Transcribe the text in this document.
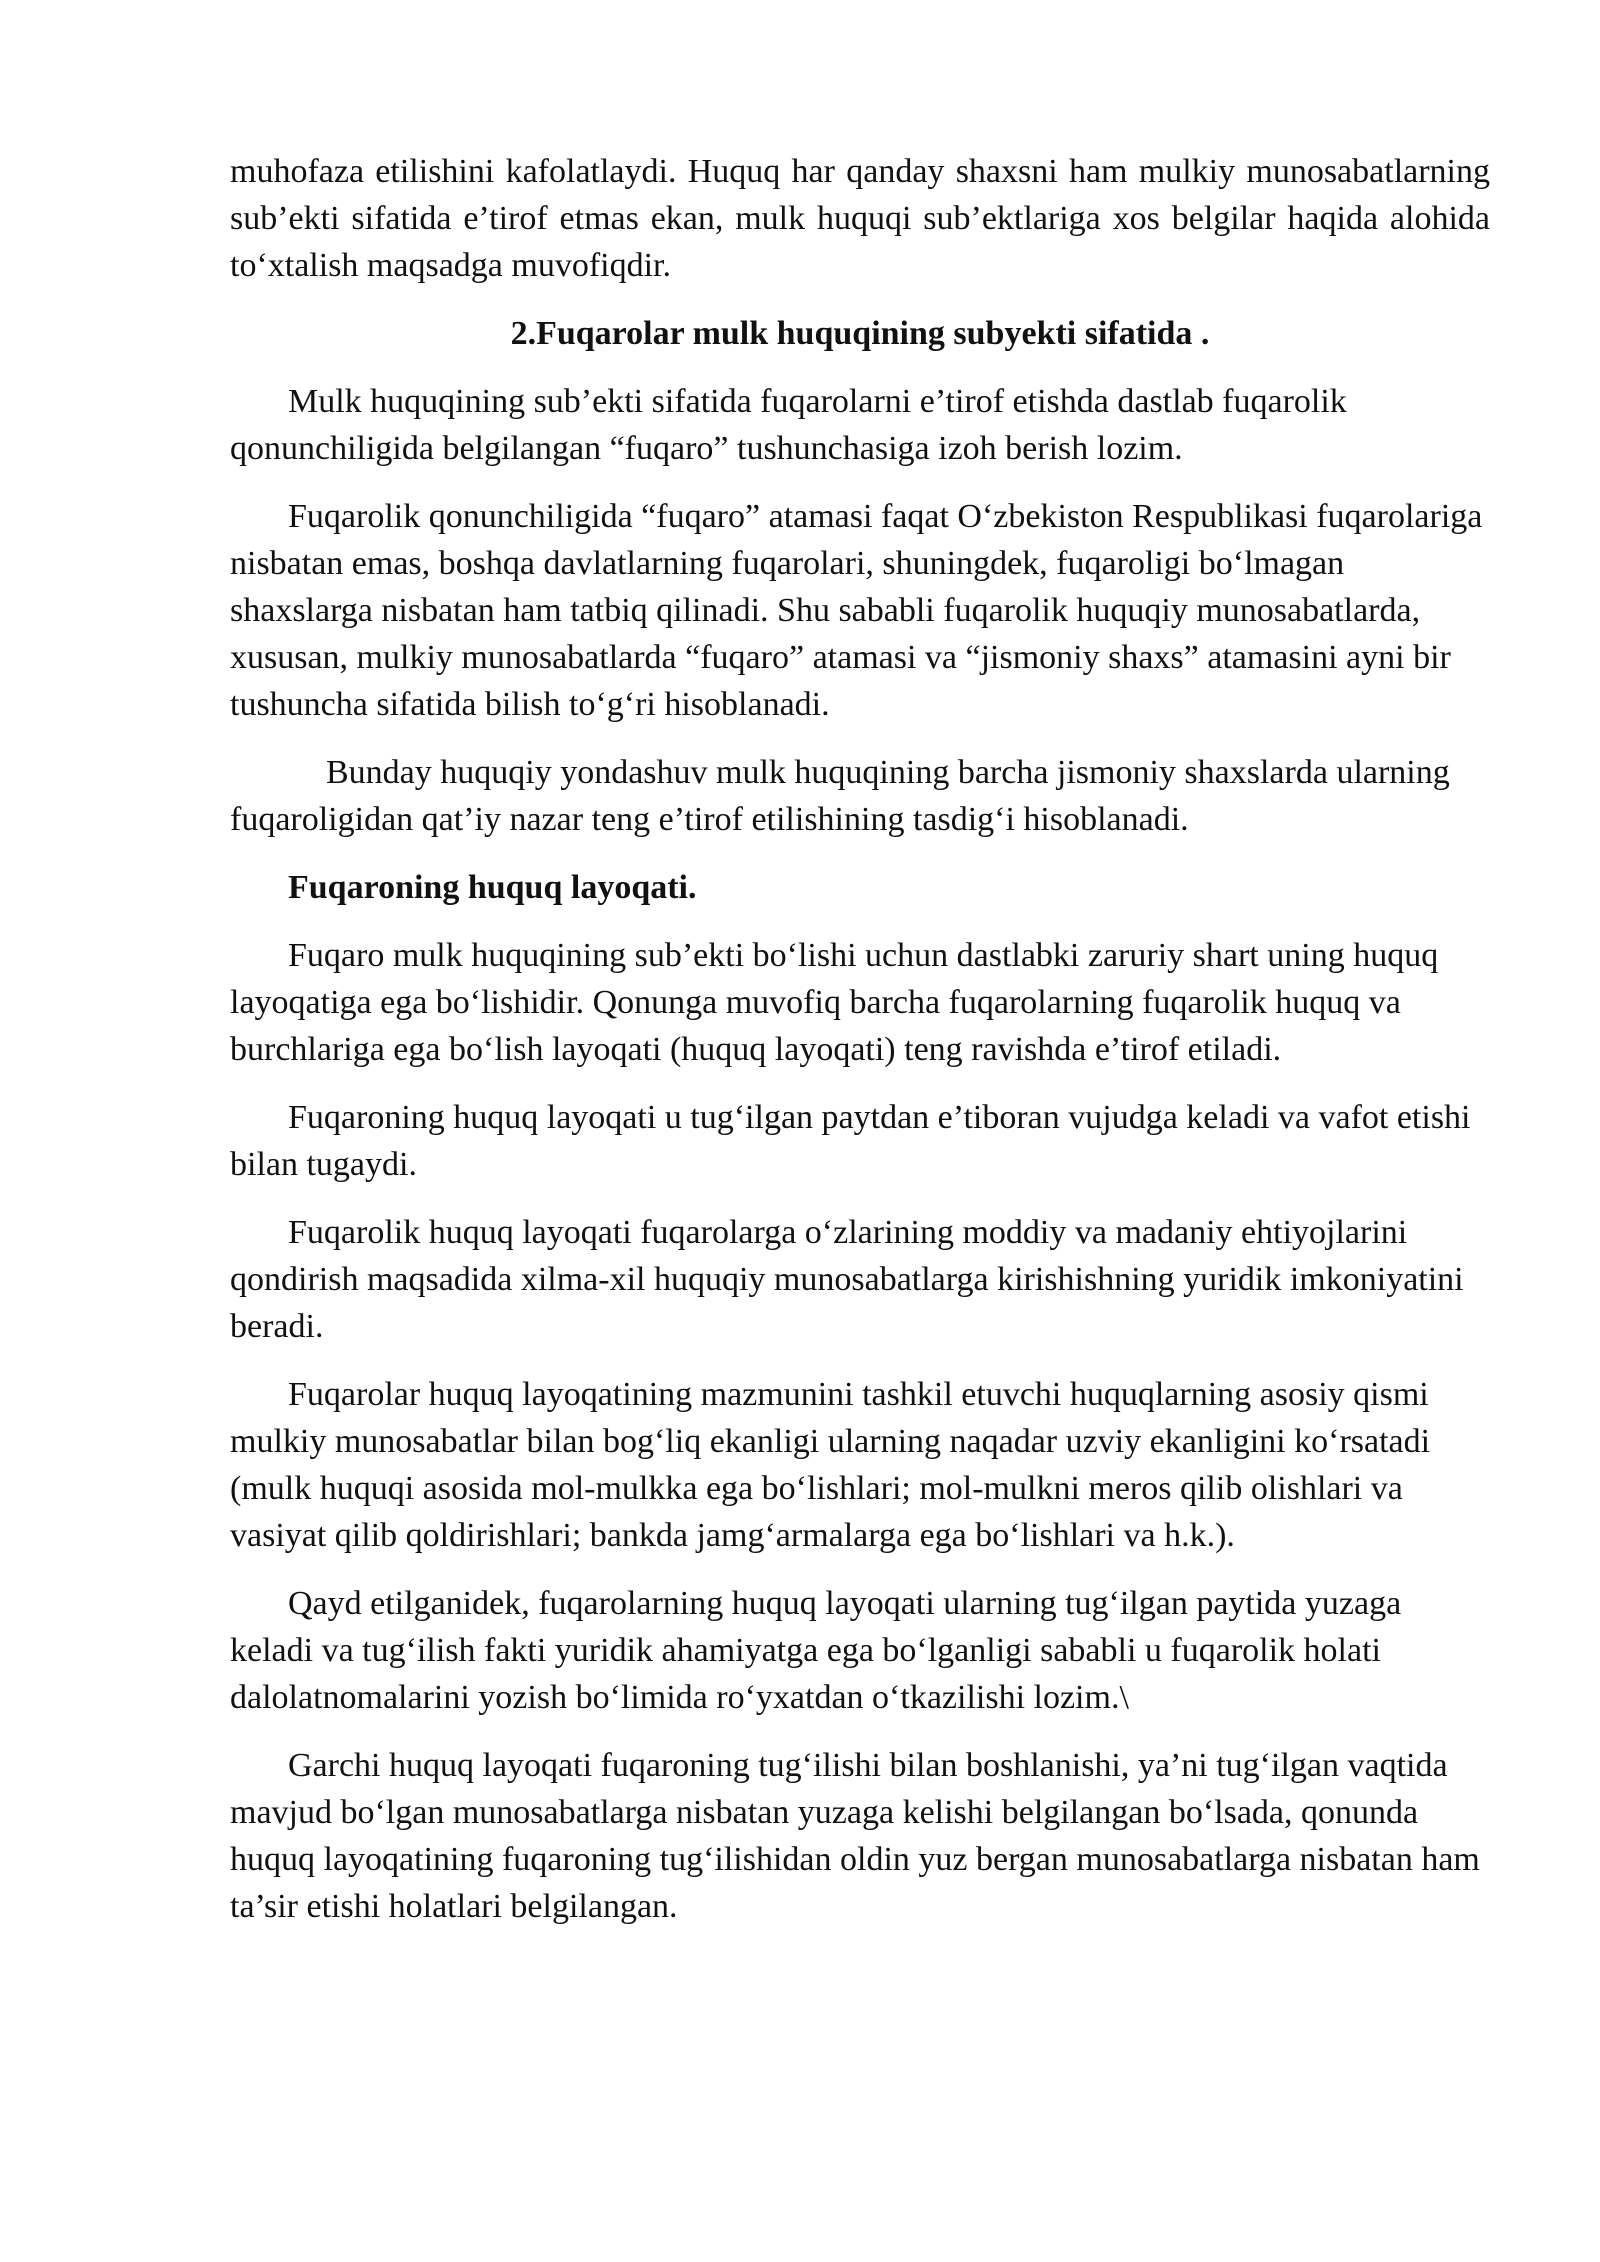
muhofaza etilishini kafolatlaydi. Huquq har qanday shaxsni ham mulkiy munosabatlarning sub’ekti sifatida e’tirof etmas ekan, mulk huquqi sub’ektlariga xos belgilar haqida alohida to‘xtalish maqsadga muvofiqdir.

2.Fuqarolar mulk huquqining subyekti sifatida .

Mulk huquqining sub’ekti sifatida fuqarolarni e’tirof etishda dastlab fuqarolik qonunchiligida belgilangan “fuqaro” tushunchasiga izoh berish lozim.

Fuqarolik qonunchiligida “fuqaro” atamasi faqat O‘zbekiston Respublikasi fuqarolariga nisbatan emas, boshqa davlatlarning fuqarolari, shuningdek, fuqaroligi bo‘lmagan shaxslarga nisbatan ham tatbiq qilinadi. Shu sababli fuqarolik huquqiy munosabatlarda, xususan, mulkiy munosabatlarda “fuqaro” atamasi va “jismoniy shaxs” atamasini ayni bir tushuncha sifatida bilish to‘g‘ri hisoblanadi.

Bunday huquqiy yondashuv mulk huquqining barcha jismoniy shaxslarda ularning fuqaroligidan qat’iy nazar teng e’tirof etilishining tasdig‘i hisoblanadi.

Fuqaroning huquq layoqati.

Fuqaro mulk huquqining sub’ekti bo‘lishi uchun dastlabki zaruriy shart uning huquq layoqatiga ega bo‘lishidir. Qonunga muvofiq barcha fuqarolarning fuqarolik huquq va burchlariga ega bo‘lish layoqati (huquq layoqati) teng ravishda e’tirof etiladi.

Fuqaroning huquq layoqati u tug‘ilgan paytdan e’tiboran vujudga keladi va vafot etishi bilan tugaydi.

Fuqarolik huquq layoqati fuqarolarga o‘zlarining moddiy va madaniy ehtiyojlarini qondirish maqsadida xilma-xil huquqiy munosabatlarga kirishishning yuridik imkoniyatini beradi.

Fuqarolar huquq layoqatining mazmunini tashkil etuvchi huquqlarning asosiy qismi mulkiy munosabatlar bilan bog‘liq ekanligi ularning naqadar uzviy ekanligini ko‘rsatadi (mulk huquqi asosida mol-mulkka ega bo‘lishlari; mol-mulkni meros qilib olishlari va vasiyat qilib qoldirishlari; bankda jamg‘armalarga ega bo‘lishlari va h.k.).

Qayd etilganidek, fuqarolarning huquq layoqati ularning tug‘ilgan paytida yuzaga keladi va tug‘ilish fakti yuridik ahamiyatga ega bo‘lganligi sababli u fuqarolik holati dalolatnomalarini yozish bo‘limida ro‘yxatdan o‘tkazilishi lozim.\

Garchi huquq layoqati fuqaroning tug‘ilishi bilan boshlanishi, ya’ni tug‘ilgan vaqtida mavjud bo‘lgan munosabatlarga nisbatan yuzaga kelishi belgilangan bo‘lsada, qonunda huquq layoqatining fuqaroning tug‘ilishidan oldin yuz bergan munosabatlarga nisbatan ham ta’sir etishi holatlari belgilangan.
